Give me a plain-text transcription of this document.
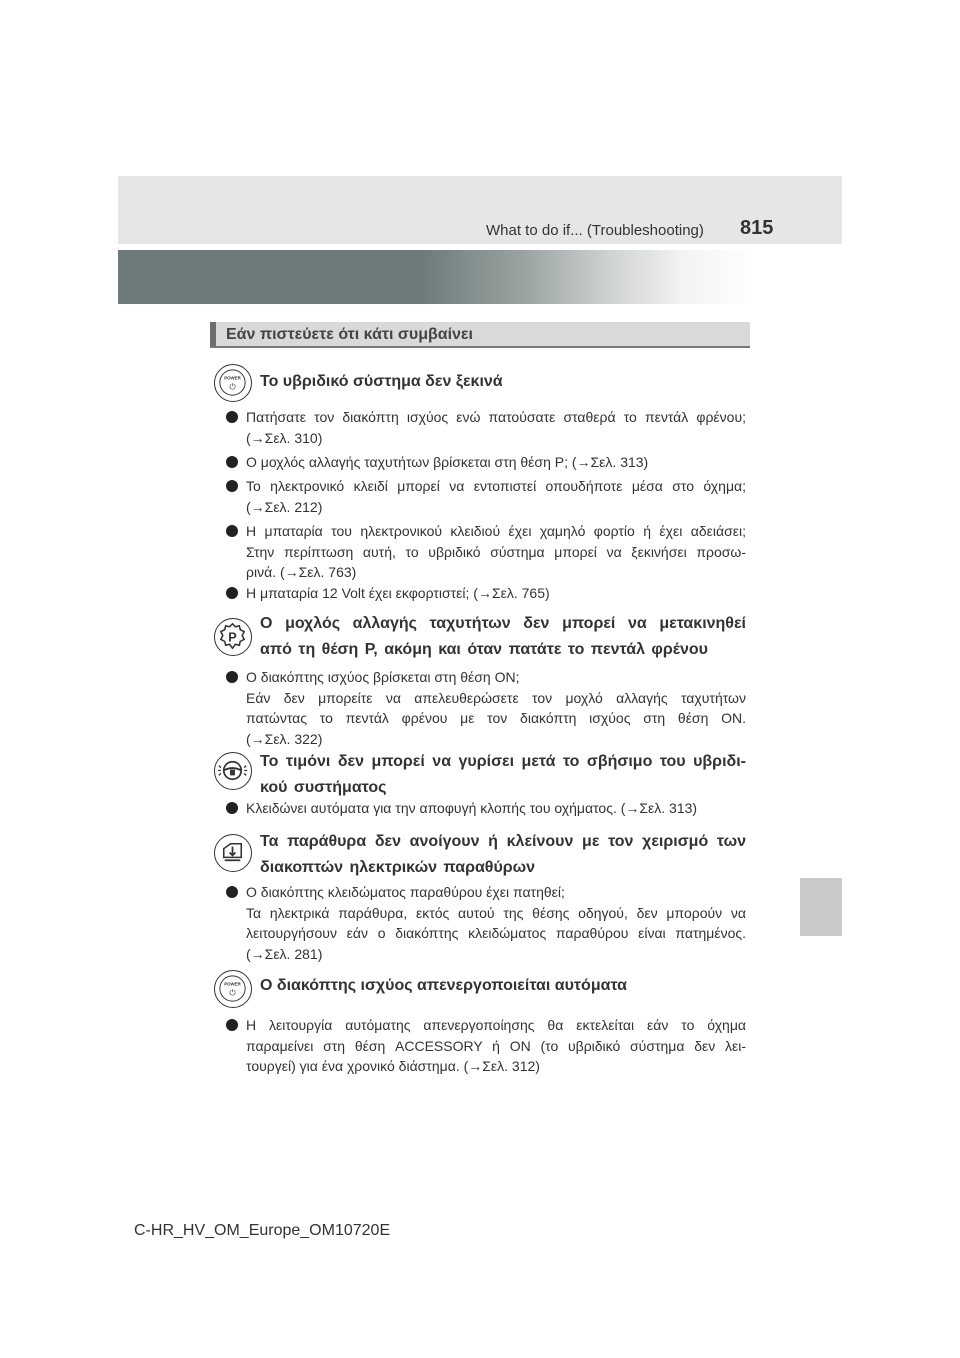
What to do if... (Troubleshooting) 815
Εάν πιστεύετε ότι κάτι συμβαίνει
POWER
⏻ Το υβριδικό σύστημα δεν ξεκινά
Πατήσατε τον διακόπτη ισχύος ενώ πατούσατε σταθερά το πεντάλ φρένου;
(→Σελ. 310)
Ο μοχλός αλλαγής ταχυτήτων βρίσκεται στη θέση P; (→Σελ. 313)
Το ηλεκτρονικό κλειδί μπορεί να εντοπιστεί οπουδήποτε μέσα στο όχημα;
(→Σελ. 212)
Η μπαταρία του ηλεκτρονικού κλειδιού έχει χαμηλό φορτίο ή έχει αδειάσει;
Στην περίπτωση αυτή, το υβριδικό σύστημα μπορεί να ξεκινήσει προσω-
ρινά. (→Σελ. 763)
Η μπαταρία 12 Volt έχει εκφορτιστεί; (→Σελ. 765)
P
Ο μοχλός αλλαγής ταχυτήτων δεν μπορεί να μετακινηθεί
από τη θέση P, ακόμη και όταν πατάτε το πεντάλ φρένου
Ο διακόπτης ισχύος βρίσκεται στη θέση ON;
Εάν δεν μπορείτε να απελευθερώσετε τον μοχλό αλλαγής ταχυτήτων
πατώντας το πεντάλ φρένου με τον διακόπτη ισχύος στη θέση ON.
(→Σελ. 322)
Το τιμόνι δεν μπορεί να γυρίσει μετά το σβήσιμο του υβριδι-
κού συστήματος
Κλειδώνει αυτόματα για την αποφυγή κλοπής του οχήματος. (→Σελ. 313)
Τα παράθυρα δεν ανοίγουν ή κλείνουν με τον χειρισμό των
διακοπτών ηλεκτρικών παραθύρων
Ο διακόπτης κλειδώματος παραθύρου έχει πατηθεί;
Τα ηλεκτρικά παράθυρα, εκτός αυτού της θέσης οδηγού, δεν μπορούν να
λειτουργήσουν εάν ο διακόπτης κλειδώματος παραθύρου είναι πατημένος.
(→Σελ. 281)
POWER
⏻ Ο διακόπτης ισχύος απενεργοποιείται αυτόματα
Η λειτουργία αυτόματης απενεργοποίησης θα εκτελείται εάν το όχημα
παραμείνει στη θέση ACCESSORY ή ON (το υβριδικό σύστημα δεν λει-
τουργεί) για ένα χρονικό διάστημα. (→Σελ. 312)
C-HR_HV_OM_Europe_OM10720E
